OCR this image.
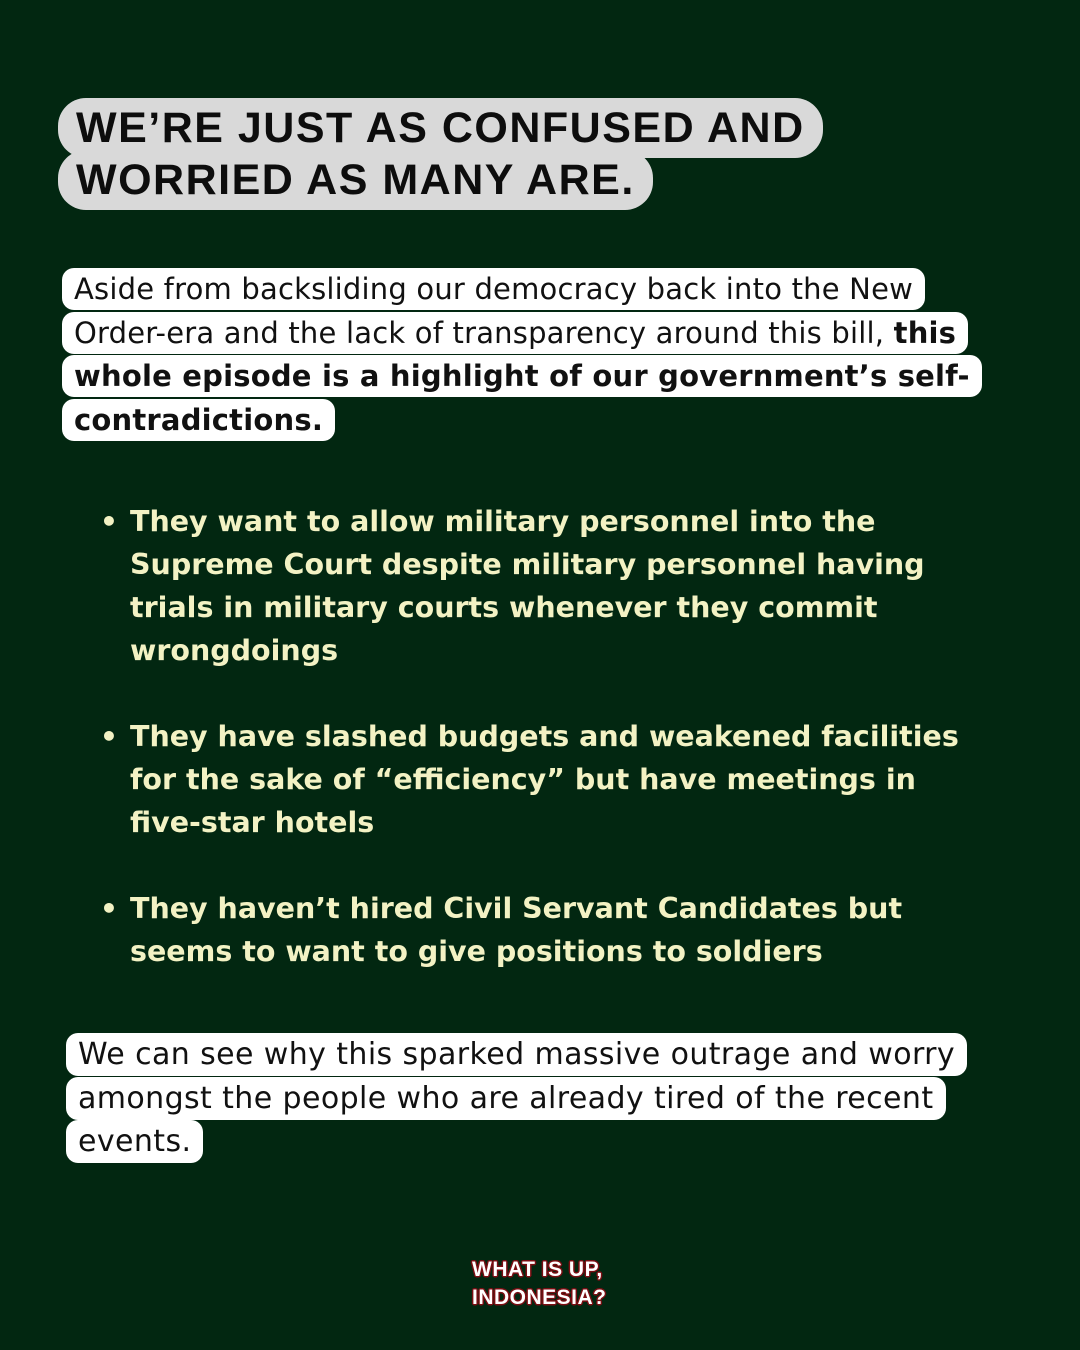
WE’RE JUST AS CONFUSED AND
WORRIED AS MANY ARE.

Aside from backsliding our democracy back into the New Order-era and the lack of transparency around this bill, this whole episode is a highlight of our government’s self-contradictions.

• They want to allow military personnel into the Supreme Court despite military personnel having trials in military courts whenever they commit wrongdoings
• They have slashed budgets and weakened facilities for the sake of “efficiency” but have meetings in five-star hotels
• They haven’t hired Civil Servant Candidates but seems to want to give positions to soldiers

We can see why this sparked massive outrage and worry amongst the people who are already tired of the recent events.

WHAT IS UP,
INDONESIA?
